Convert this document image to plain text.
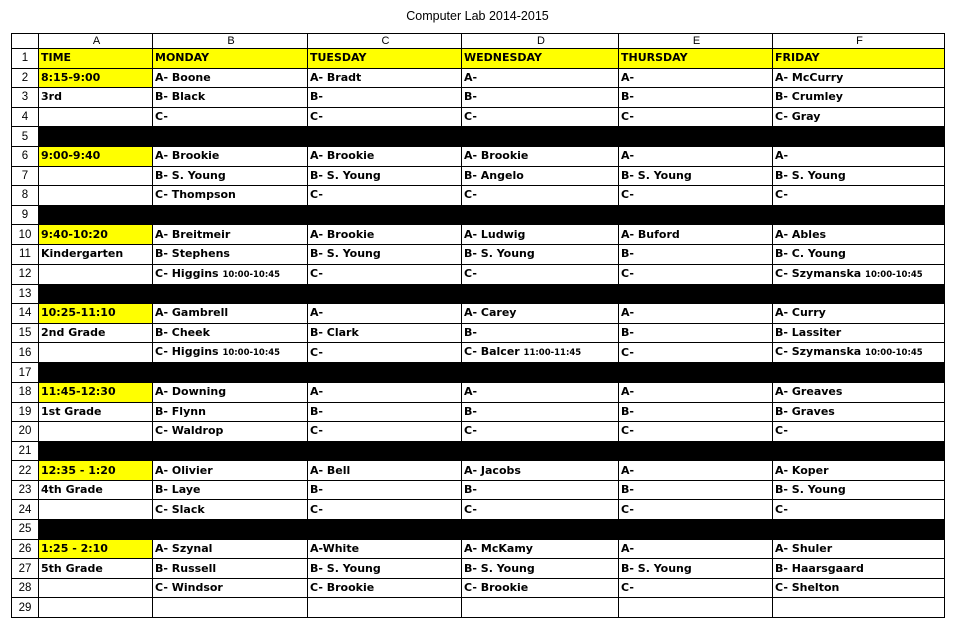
Computer Lab 2014-2015
	A	B	C	D	E	F
1	TIME	MONDAY	TUESDAY	WEDNESDAY	THURSDAY	FRIDAY
2	8:15-9:00	A- Boone	A- Bradt	A-	A-	A- McCurry
3	3rd	B- Black	B-	B-	B-	B- Crumley
4		C-	C-	C-	C-	C- Gray
5						
6	9:00-9:40	A- Brookie	A- Brookie	A- Brookie	A-	A-
7		B- S. Young	B- S. Young	B- Angelo	B- S. Young	B- S. Young
8		C- Thompson	C-	C-	C-	C-
9						
10	9:40-10:20	A- Breitmeir	A- Brookie	A- Ludwig	A- Buford	A- Ables
11	Kindergarten	B- Stephens	B- S. Young	B- S. Young	B-	B- C. Young
12		C- Higgins 10:00-10:45	C-	C-	C-	C- Szymanska 10:00-10:45
13						
14	10:25-11:10	A- Gambrell	A-	A- Carey	A-	A- Curry
15	2nd Grade	B- Cheek	B- Clark	B-	B-	B- Lassiter
16		C- Higgins 10:00-10:45	C-	C- Balcer 11:00-11:45	C-	C- Szymanska 10:00-10:45
17						
18	11:45-12:30	A- Downing	A-	A-	A-	A- Greaves
19	1st Grade	B- Flynn	B-	B-	B-	B- Graves
20		C- Waldrop	C-	C-	C-	C-
21						
22	12:35 - 1:20	A- Olivier	A- Bell	A- Jacobs	A-	A- Koper
23	4th Grade	B- Laye	B-	B-	B-	B- S. Young
24		C- Slack	C-	C-	C-	C-
25						
26	1:25 - 2:10	A- Szynal	A-White	A- McKamy	A-	A- Shuler
27	5th Grade	B- Russell	B- S. Young	B- S. Young	B- S. Young	B- Haarsgaard
28		C- Windsor	C- Brookie	C- Brookie	C-	C- Shelton
29						
